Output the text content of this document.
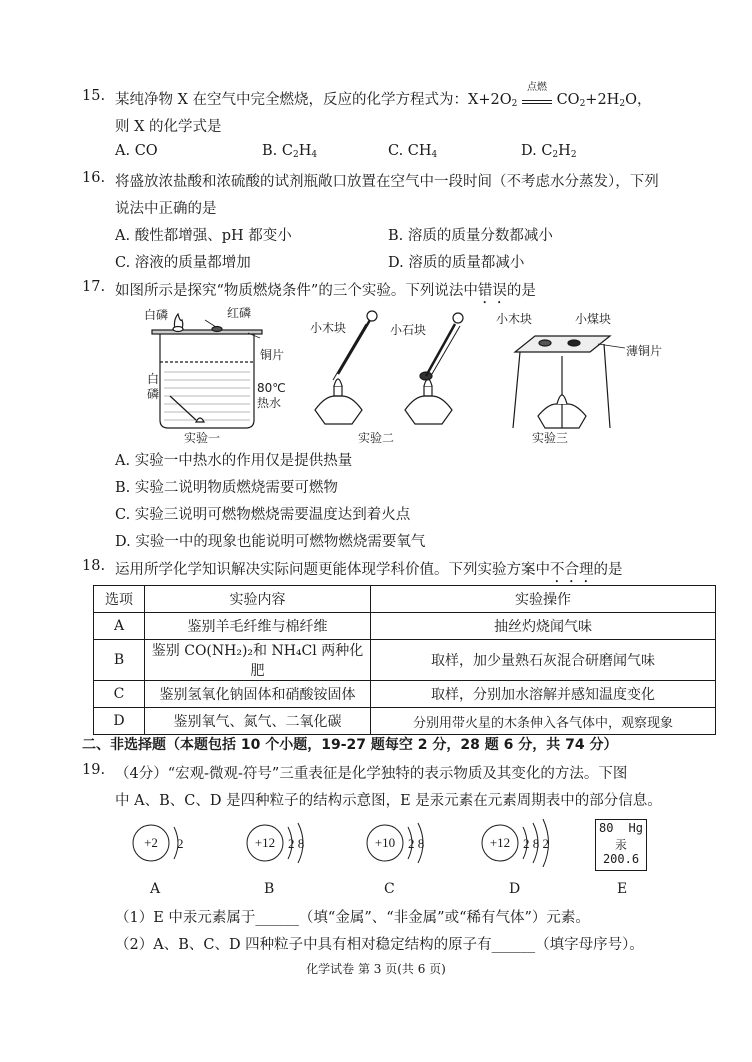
15. 某纯净物 X 在空气中完全燃烧，反应的化学方程式为：$X+2O_2$
点燃
$CO_2+2H_2O$，
则 X 的化学式是
A. CO	B. $C_2H_4$	C. $CH_4$	D. $C_2H_2$
16. 将盛放浓盐酸和浓硫酸的试剂瓶敞口放置在空气中一段时间（不考虑水分蒸发），下列
说法中正确的是
A. 酸性都增强、pH 都变小	B. 溶质的质量分数都减小
C. 溶液的质量都增加	D. 溶质的质量都减小
17. 如图所示是探究“物质燃烧条件”的三个实验。下列说法中错误的是
白磷	红磷
铜片
白
磷	80℃
热水
小木块	小石块
小木块	小煤块
薄铜片
实验一	实验二	实验三
A. 实验一中热水的作用仅是提供热量
B. 实验二说明物质燃烧需要可燃物
C. 实验三说明可燃物燃烧需要温度达到着火点
D. 实验一中的现象也能说明可燃物燃烧需要氧气
18. 运用所学化学知识解决实际问题更能体现学科价值。下列实验方案中不合理的是
选项	实验内容	实验操作
A	鉴别羊毛纤维与棉纤维	抽丝灼烧闻气味
B	鉴别 CO(NH₂)₂和 NH₄Cl 两种化肥	取样，加少量熟石灰混合研磨闻气味
C	鉴别氢氧化钠固体和硝酸铵固体	取样，分别加水溶解并感知温度变化
D	鉴别氧气、氮气、二氧化碳	分别用带火星的木条伸入各气体中，观察现象
二、非选择题（本题包括 10 个小题，19-27 题每空 2 分，28 题 6 分，共 74 分）
19. （4分）“宏观-微观-符号”三重表征是化学独特的表示物质及其变化的方法。下图
中 A、B、C、D 是四种粒子的结构示意图，E 是汞元素在元素周期表中的部分信息。
+2 2	+12 2 8	+10 2 8	+12 2 8 2
80 Hg
汞
200.6
A	B	C	D	E
（1）E 中汞元素属于______（填“金属”、“非金属”或“稀有气体”）元素。
（2）A、B、C、D 四种粒子中具有相对稳定结构的原子有______（填字母序号）。
化学试卷 第 3 页(共 6 页)
